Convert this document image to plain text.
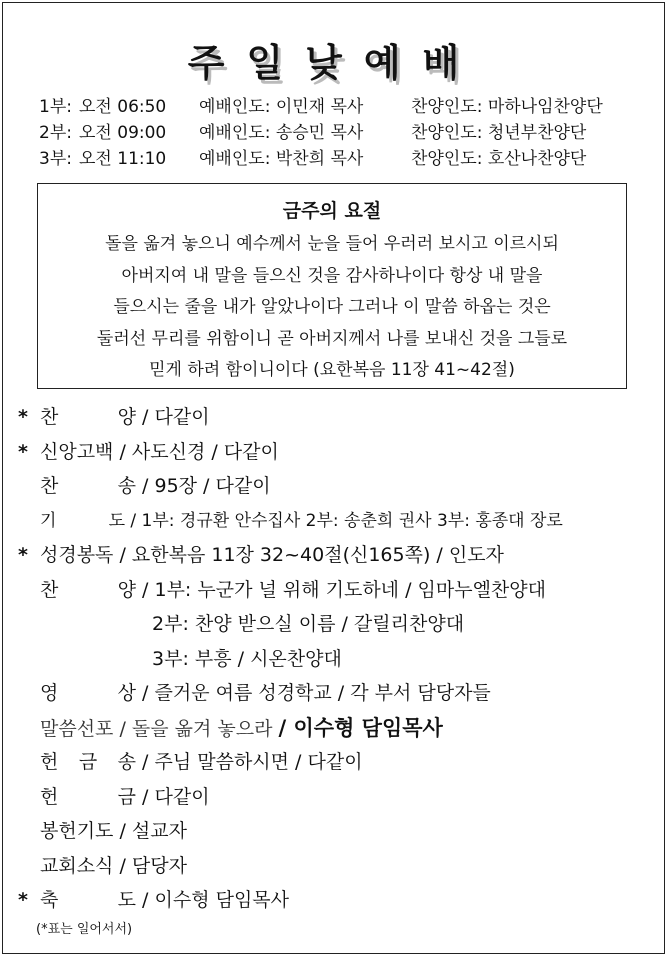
주일낮예배
1부: 오전 06:50 예배인도: 이민재 목사	찬양인도: 마하나임찬양단
2부: 오전 09:00 예배인도: 송승민 목사	찬양인도: 청년부찬양단
3부: 오전 11:10 예배인도: 박찬희 목사	찬양인도: 호산나찬양단
금주의 요절
돌을 옮겨 놓으니 예수께서 눈을 들어 우러러 보시고 이르시되
아버지여 내 말을 들으신 것을 감사하나이다 항상 내 말을
들으시는 줄을 내가 알았나이다 그러나 이 말씀 하옵는 것은
둘러선 무리를 위함이니 곧 아버지께서 나를 보내신 것을 그들로
믿게 하려 함이니이다 (요한복음 11장 41~42절)
* 찬	양 / 다같이
* 신앙고백 / 사도신경 / 다같이
찬	송 / 95장 / 다같이
기	도 / 1부: 경규환 안수집사 2부: 송춘희 권사 3부: 홍종대 장로
* 성경봉독 / 요한복음 11장 32~40절(신165쪽) / 인도자
찬	양 / 1부: 누군가 널 위해 기도하네 / 임마누엘찬양대
2부: 찬양 받으실 이름 / 갈릴리찬양대
3부: 부흥 / 시온찬양대
영	상 / 즐거운 여름 성경학교 / 각 부서 담당자들
말씀선포 / 돌을 옮겨 놓으라 / 이수형 담임목사
헌 금 송 / 주님 말씀하시면 / 다같이
헌	금 / 다같이
봉헌기도 / 설교자
교회소식 / 담당자
* 축	도 / 이수형 담임목사
(*표는 일어서서)
